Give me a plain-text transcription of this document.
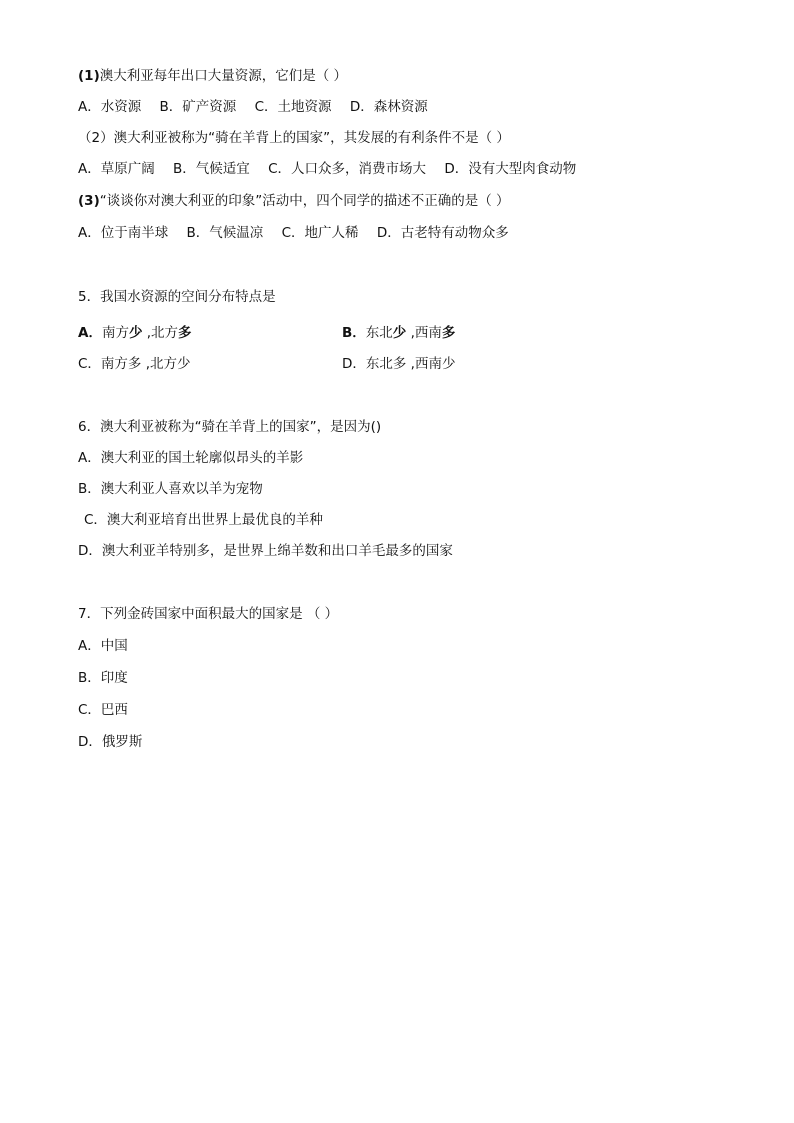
(1)澳大利亚每年出口大量资源，它们是（ ）
A．水资源 B．矿产资源 C．土地资源 D．森林资源
（2）澳大利亚被称为“骑在羊背上的国家”，其发展的有利条件不是（ ）
A．草原广阔 B．气候适宜 C．人口众多，消费市场大 D．没有大型肉食动物
(3)“谈谈你对澳大利亚的印象”活动中，四个同学的描述不正确的是（ ）
A．位于南半球 B．气候温凉 C．地广人稀 D．古老特有动物众多
5．我国水资源的空间分布特点是
A．南方少 ,北方多	B．东北少 ,西南多
C．南方多 ,北方少	D．东北多 ,西南少
6．澳大利亚被称为“骑在羊背上的国家”，是因为()
A．澳大利亚的国土轮廓似昂头的羊影
B．澳大利亚人喜欢以羊为宠物
C．澳大利亚培育出世界上最优良的羊种
D．澳大利亚羊特别多，是世界上绵羊数和出口羊毛最多的国家
7．下列金砖国家中面积最大的国家是 （ ）
A．中国
B．印度
C．巴西
D．俄罗斯
